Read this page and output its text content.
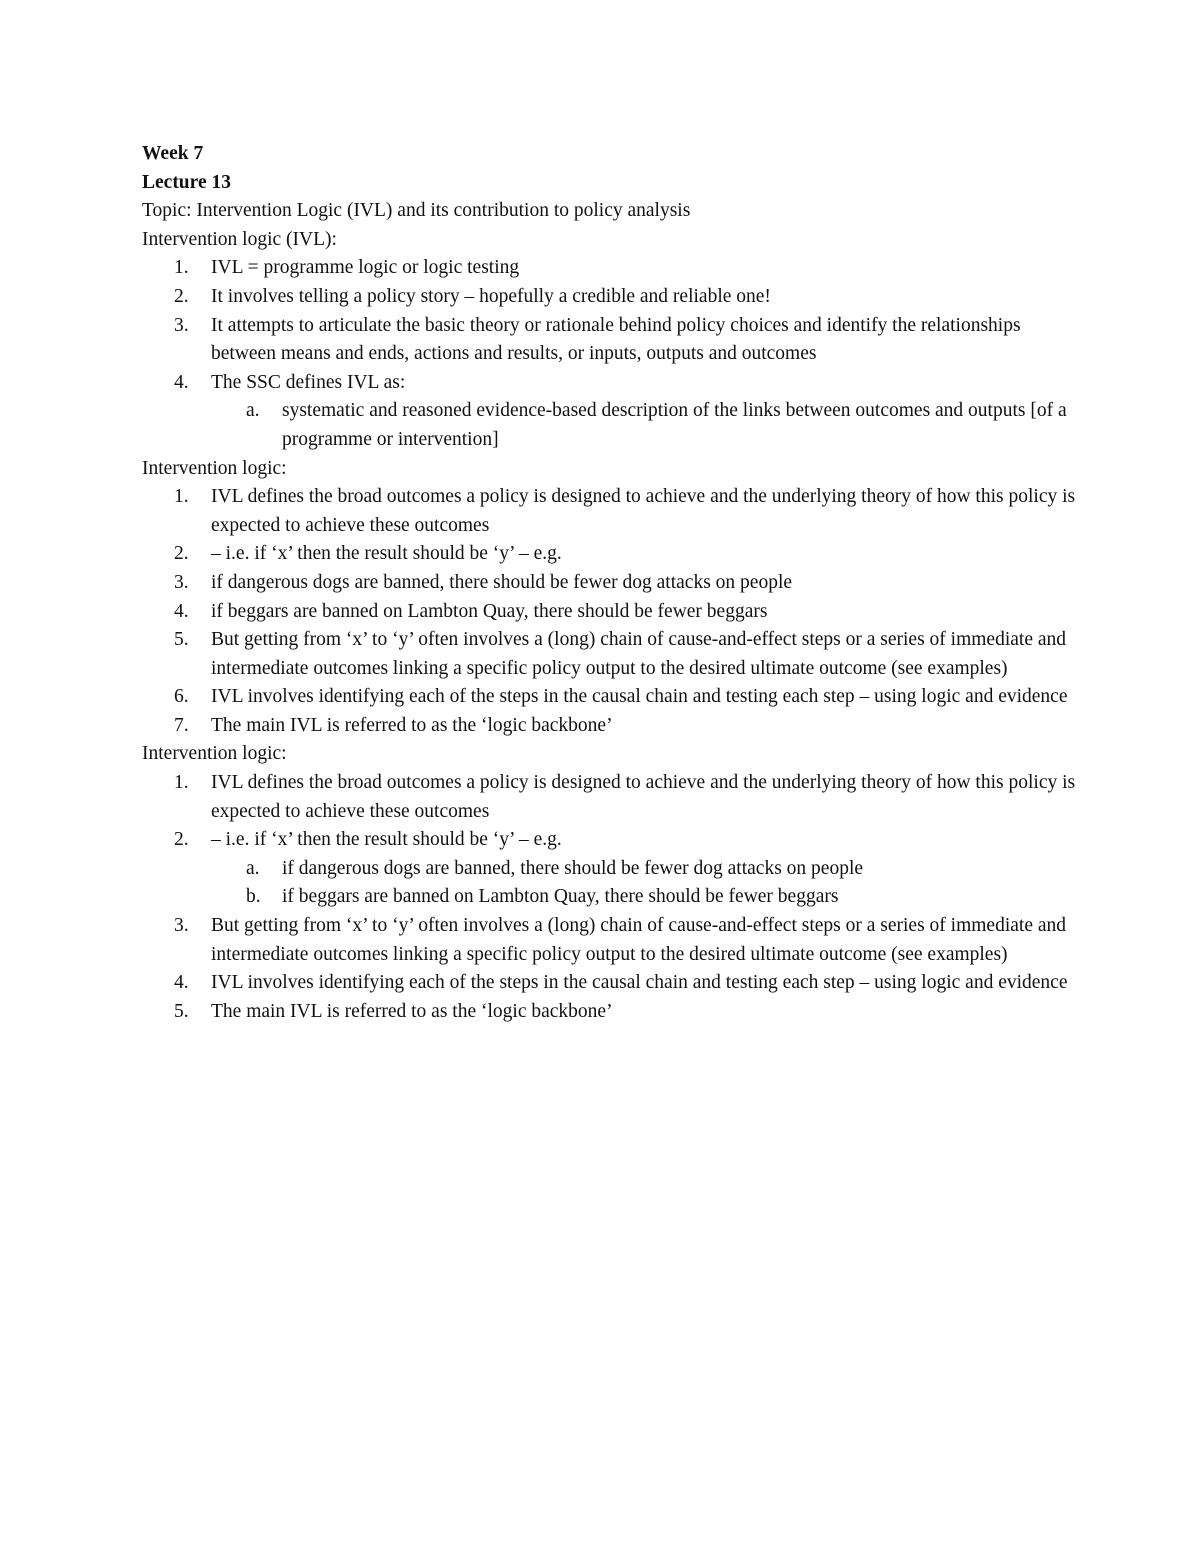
Week 7
Lecture 13
Topic: Intervention Logic (IVL) and its contribution to policy analysis
Intervention logic (IVL):
1. IVL = programme logic or logic testing
2. It involves telling a policy story – hopefully a credible and reliable one!
3. It attempts to articulate the basic theory or rationale behind policy choices and identify the relationships between means and ends, actions and results, or inputs, outputs and outcomes
4. The SSC defines IVL as:
a. systematic and reasoned evidence-based description of the links between outcomes and outputs [of a programme or intervention]
Intervention logic:
1. IVL defines the broad outcomes a policy is designed to achieve and the underlying theory of how this policy is expected to achieve these outcomes
2. – i.e. if ‘x’ then the result should be ‘y’ – e.g.
3. if dangerous dogs are banned, there should be fewer dog attacks on people
4. if beggars are banned on Lambton Quay, there should be fewer beggars
5. But getting from ‘x’ to ‘y’ often involves a (long) chain of cause-and-effect steps or a series of immediate and intermediate outcomes linking a specific policy output to the desired ultimate outcome (see examples)
6. IVL involves identifying each of the steps in the causal chain and testing each step – using logic and evidence
7. The main IVL is referred to as the ‘logic backbone’
Intervention logic:
1. IVL defines the broad outcomes a policy is designed to achieve and the underlying theory of how this policy is expected to achieve these outcomes
2. – i.e. if ‘x’ then the result should be ‘y’ – e.g.
a. if dangerous dogs are banned, there should be fewer dog attacks on people
b. if beggars are banned on Lambton Quay, there should be fewer beggars
3. But getting from ‘x’ to ‘y’ often involves a (long) chain of cause-and-effect steps or a series of immediate and intermediate outcomes linking a specific policy output to the desired ultimate outcome (see examples)
4. IVL involves identifying each of the steps in the causal chain and testing each step – using logic and evidence
5. The main IVL is referred to as the ‘logic backbone’
